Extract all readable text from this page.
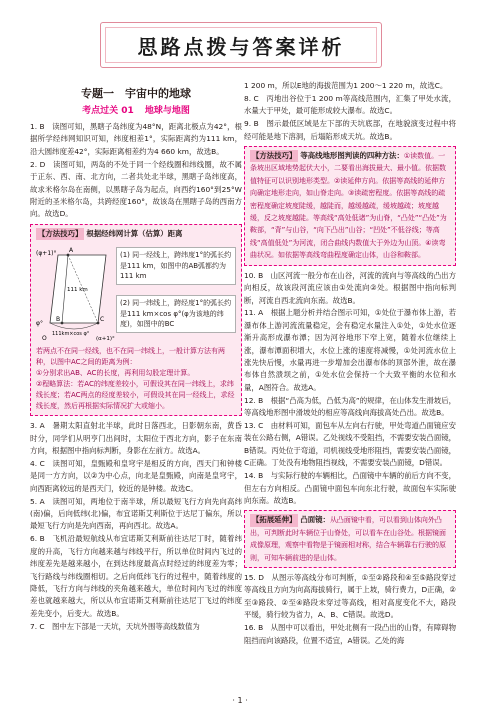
思路点拨与答案详析
专题一　宇宙中的地球
考点过关 01 地球与地图

1. B　读图可知，黑瞎子岛纬度为48°N，距离北极点为42°，根据所学经纬网知识可知，纬度相差1°，实际距离约为111 km，沿大圆纬度差42°，实际距离相差约为4 660 km，故选B。

2. D　读图可知，两岛的不处于同一个经线圈和纬线圈，故不属于正东、西、南、北方向，二者共处北半球，黑瞎子岛纬度高，故求米格尔岛在南侧，以黑瞎子岛为起点，向西约160°到25°W附近的圣米格尔岛，共跨经度160°，故该岛在黑瞎子岛的西南方向。故选D。

【方法技巧】 根据经纬网计算（估算）距离
(φ+1)° A
111 km
C
B
φ°
111km×cos φ°
O	(α+1)°
(1) 同一经线上，跨纬度1°的弧长约是111 km，如图中的AB弧都约为111 km
(2) 同一纬线上，跨经度1°的弧长约是111 km×cos φ°(φ为该地的纬度)，如图中的BC
若两点不在同一经线，也不在同一纬线上，一般计算方法有两种，以图中AC之间的距离为例：
①分别求出AB、AC的长度，再利用勾股定理计算。
②程略算法：若AC的纬度差较小，可假设其在同一纬线上，求纬线长度；若AC两点的经度差较小，可假设其在同一经线上，求经线长度，然后再根据实际情况扩大或缩小。

3. A　暑期太阳直射北半球，此时日落西北，日影朝东南，黄昏时分，同学们从明亨门出间时，太阳位于西北方向，影子在东南方向，根据图中指向标判断，身影在左前方。故选A。

4. C　读图可知，皇甄殿和皇穹宇是相反的方向，西天门和钟楼是同一方方向，以②为中心点，向北是皇甄殿，向南是皇穹宇，向西距离较远的是西天门，较近的是钟楼。故选C。

5. A　读图可知，两地位于南半球，所以最短飞行方向先向高纬(南)偏，后向低纬(北)偏，布宜诺斯艾利斯位于达尼丁偏东，所以最短飞行方向是先向西南，再向西北。故选A。

6. B　飞机沿最短航线从布宜诺斯艾利斯前往达尼丁时，随着纬度的升高，飞行方向越来越与纬线平行，所以单位时间内飞过的纬度差先是越来越小，在到达纬度最高点时经过的纬度差为零；飞行路线与纬线圈相切。之后向低纬飞行的过程中，随着纬度的降低，飞行方向与纬线的夹角越来越大，单位时间内飞过的纬度差也就越来越大，所以从布宜诺斯艾利斯前往达尼丁飞过的纬度差先变小，后变大。故选B。

7. C　图中左下部是一天坑，天坑外围等高线数值为

1 200 m，所以E地的海拔范围为1 200～1 220 m，故选C。

8. C　丙地出谷位于1 200 m等高线范围内，汇集了甲处水流，水量大于甲处，最可能形成较大瀑布。故选C。

9. B　图示最低区域是左下部的天坑底部，在地貌演变过程中将经可能是地下溶洞，后塌陷形成天坑。故选B。

【方法技巧】 等高线地形图判读的四种方法：①读数值。一条坡出区域地势起伏大小，二要看出海拔最大、最小值。依据数值特征可以识别地形类型。②读延伸方向。依据等高线的延伸方向确定地形走向，如山脊走向。③读疏密程度。依据等高线的疏密程度确定坡度陡缓，越陡而，越缓越疏，缓坡越疏；坡度越缓，反之坡度越陡。等高线“高处低诸”为山脊，“凸处”“凸处”为鞍部，“背”与山谷，“向下凸出”山谷；“凹处”不低谷线；等高线“高值低处”为河流，闭合曲线内数值大于外边为山顶。④读弯曲状况。如依据等高线弯曲程度确定山体，山谷和鞍部。

10. B　山区河流一般分布在山谷，河流的流向与等高线的凸出方向相反，故该段河流应该由①处流向②处。根据图中指向标判断，河流自西北流向东南。故选B。

11. A　根据上题分析并结合图示可知，①处位于瀑布体上游，若瀑布体上游河流流量稳定，会有稳定水量注入①处，①处水位逐渐升高形成瀑布潭；因为河谷地形下窄上宽，随着水位继续上涨，瀑布潭面积增大，水位上涨的速度将减慢，①处河流水位上涨先快后慢，水量再进一步增加会出瀑布体的顶部外泄，故在瀑布体自然溃坝之前，①处水位会保持一个大致平衡的水位和水量，A图符合。故选A。

12. B　根据“凸高为低，凸低为高”的规律，在山体发生滑坡后，等高线地形图中滑坡处的相应等高线向海拔高处凸出。故选B。

13. C　由材料可知，面包车从左向右行驶，甲处弯道凸面镜应安装在公路右侧，A错误。乙处视线不受阻挡，不需要安装凸面镜，B错误。丙处位于弯道，司机视线受地形阻挡，需要安装凸面镜，C正确。丁处没有地物阻挡视线，不需要安装凸面镜，D错误。

14. B　与实际行驶的车辆相比，凸面镜中车辆的前后方向不变，但左右方向相反。凸面镜中面包车向东北行驶，故面包车实际驶向东南。故选B。

【拓展延伸】 凸面镜：从凸面镜中看，可以看到山体向外凸出，可判断此时车辆位于山脊处，可以看车在山谷处。根据镜面成像原理，观察中看物是于镜面相对称，结合车辆靠右行驶的原则，可知车辆前进的是山体。

15. D　从图示等高线分布可判断，①至②路段和④至⑤路段穿过等高线且方向为向高海拔骑行，属于上坡，骑行费力，D正确，②至③路段、②至④路段未穿过等高线，相对高度变化不大，路段平缓，骑行较为省力，A、B、C错误。故选D。

16. B　从图中可以看出，甲处北侧有一段凸出的山脊，有障碍物阻挡而向该路段，位置不适宜，A错误。乙处的海

· 1 ·
